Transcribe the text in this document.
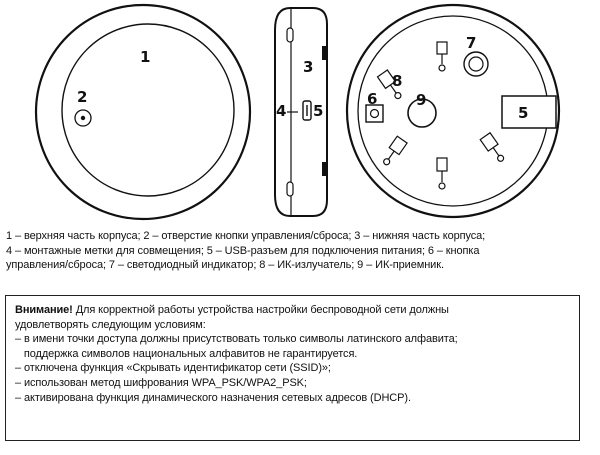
1
2
3
4 5
7
8
9
6
5
1 – верхняя часть корпуса; 2 – отверстие кнопки управления/сброса; 3 – нижняя часть корпуса;
4 – монтажные метки для совмещения; 5 – USB-разъем для подключения питания; 6 – кнопка
управления/сброса; 7 – светодиодный индикатор; 8 – ИК-излучатель; 9 – ИК-приемник.

Внимание! Для корректной работы устройства настройки беспроводной сети должны

удовлетворять следующим условиям:

– в имени точки доступа должны присутствовать только символы латинского алфавита;

поддержка символов национальных алфавитов не гарантируется.

– отключена функция «Скрывать идентификатор сети (SSID)»;

– использован метод шифрования WPA_PSK/WPA2_PSK;

– активирована функция динамического назначения сетевых адресов (DHCP).
